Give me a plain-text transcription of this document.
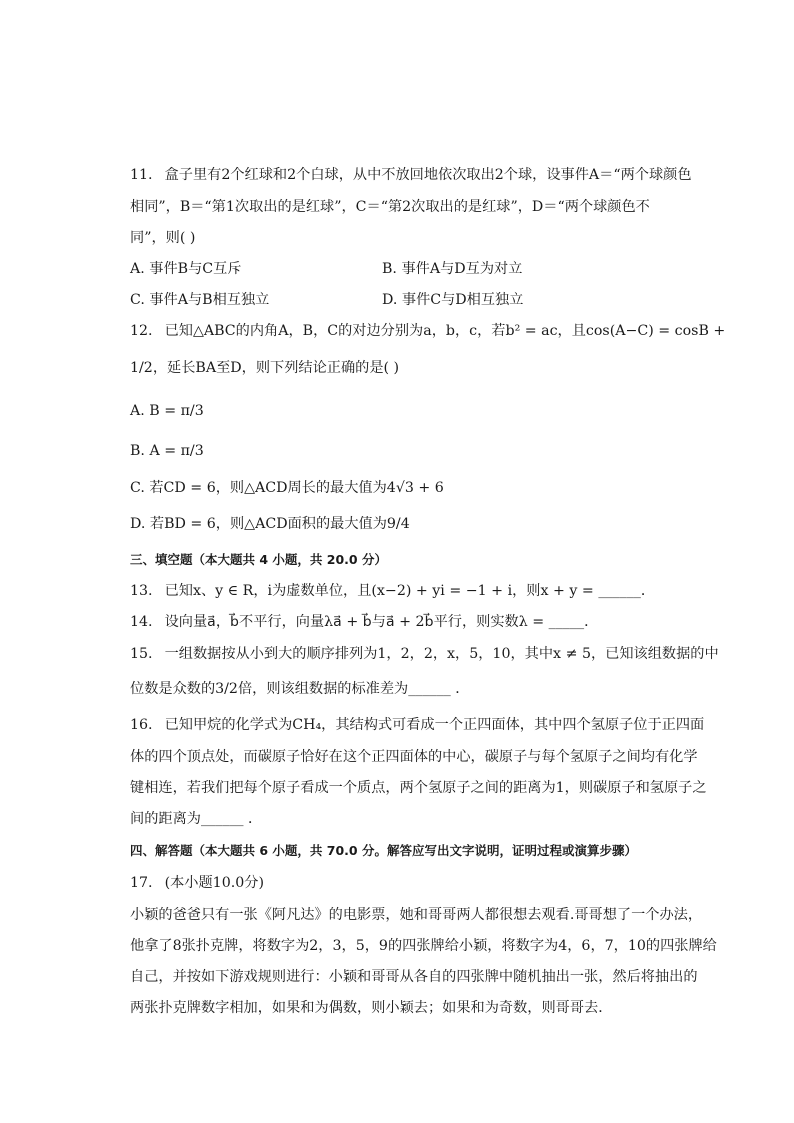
11. 盒子里有2个红球和2个白球，从中不放回地依次取出2个球，设事件A＝“两个球颜色
相同”，B＝“第1次取出的是红球”，C＝“第2次取出的是红球”，D＝“两个球颜色不
同”，则( )
A. 事件B与C互斥	B. 事件A与D互为对立
C. 事件A与B相互独立	D. 事件C与D相互独立
12. 已知△ABC的内角A，B，C的对边分别为a，b，c，若b² = ac，且cos(A−C) = cosB +
1/2，延长BA至D，则下列结论正确的是( )
A. B = π/3
B. A = π/3
C. 若CD = 6，则△ACD周长的最大值为4√3 + 6
D. 若BD = 6，则△ACD面积的最大值为9/4
三、填空题（本大题共 4 小题，共 20.0 分）
13. 已知x、y ∈ R，i为虚数单位，且(x−2) + yi = −1 + i，则x + y = ______．
14. 设向量a⃗，b⃗不平行，向量λa⃗ + b⃗与a⃗ + 2b⃗平行，则实数λ = _____．
15. 一组数据按从小到大的顺序排列为1，2，2，x，5，10，其中x ≠ 5，已知该组数据的中
位数是众数的3/2倍，则该组数据的标准差为______ ．
16. 已知甲烷的化学式为CH₄，其结构式可看成一个正四面体，其中四个氢原子位于正四面
体的四个顶点处，而碳原子恰好在这个正四面体的中心，碳原子与每个氢原子之间均有化学
键相连，若我们把每个原子看成一个质点，两个氢原子之间的距离为1，则碳原子和氢原子之
间的距离为______ ．
四、解答题（本大题共 6 小题，共 70.0 分。解答应写出文字说明，证明过程或演算步骤）
17. (本小题10.0分)
小颖的爸爸只有一张《阿凡达》的电影票，她和哥哥两人都很想去观看.哥哥想了一个办法，
他拿了8张扑克牌，将数字为2，3，5，9的四张牌给小颖，将数字为4，6，7，10的四张牌给
自己，并按如下游戏规则进行：小颖和哥哥从各自的四张牌中随机抽出一张，然后将抽出的
两张扑克牌数字相加，如果和为偶数，则小颖去；如果和为奇数，则哥哥去．
